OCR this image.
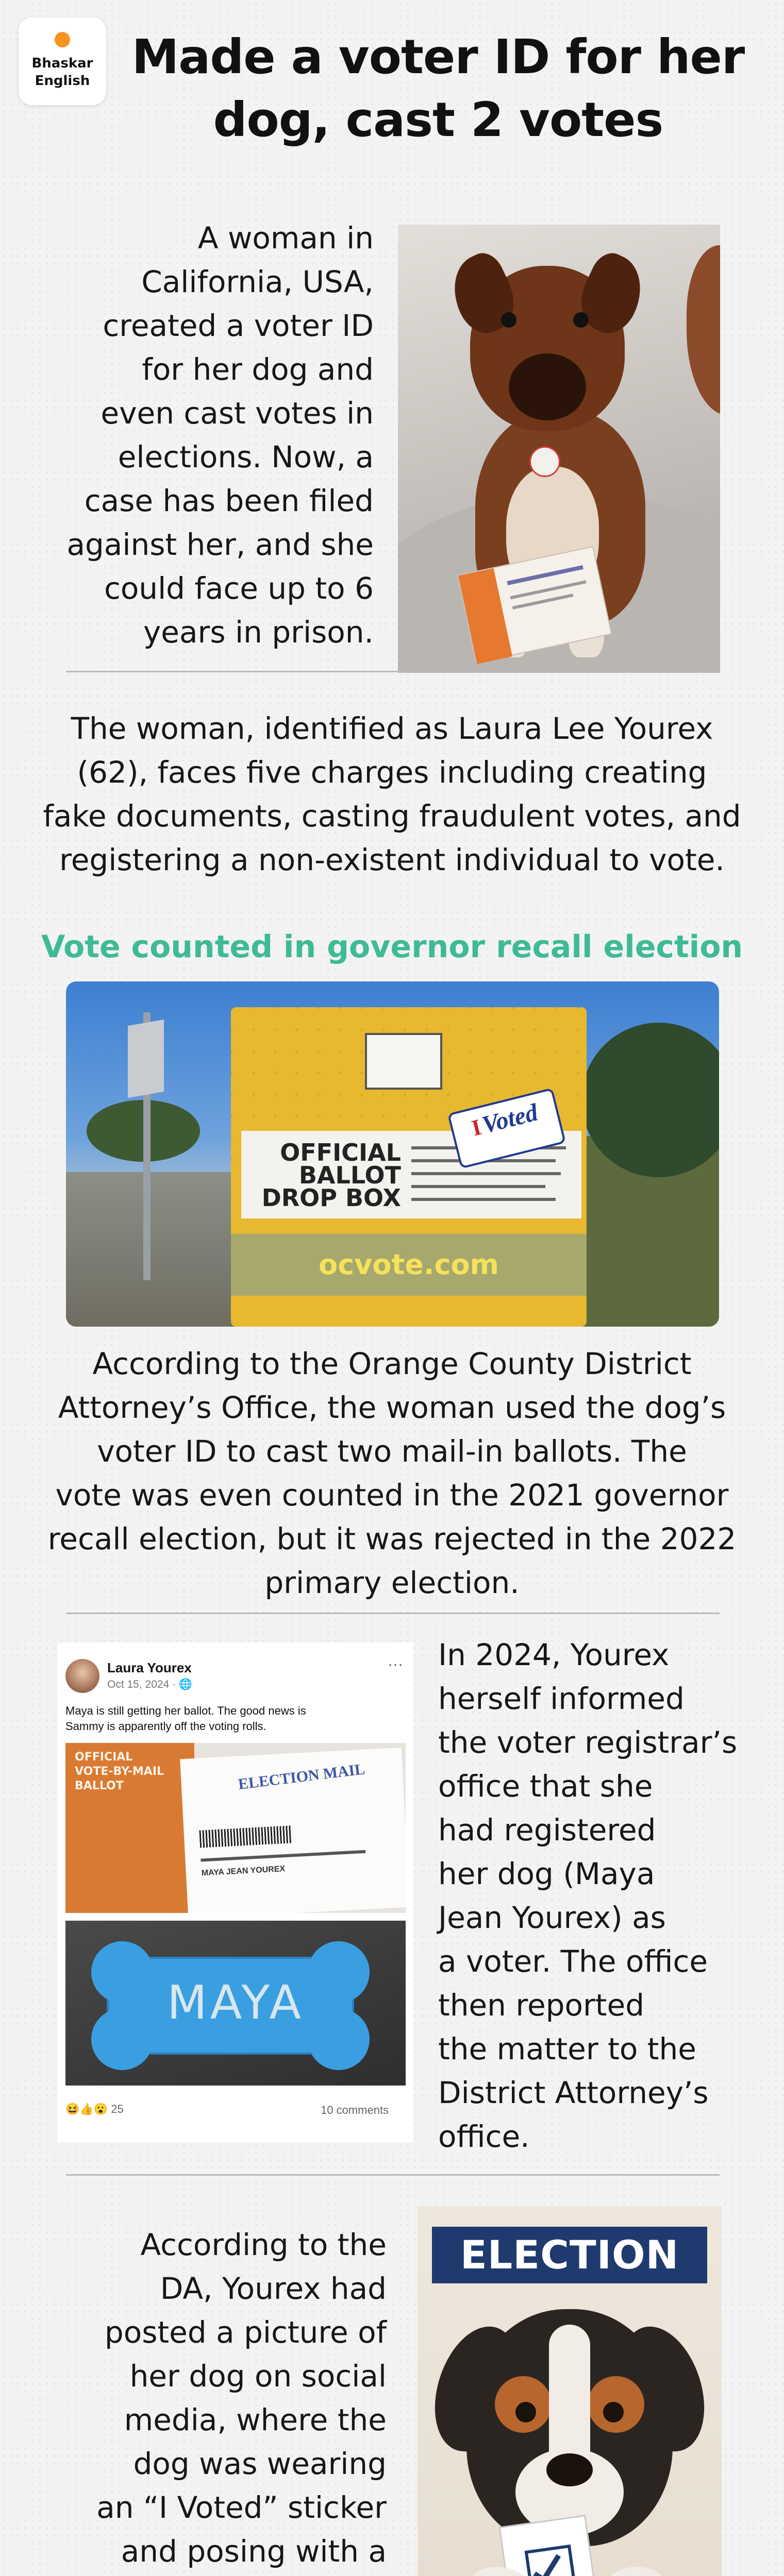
Bhaskar
English Made a voter ID for her
dog, cast 2 votes
A woman in
California, USA,
created a voter ID
for her dog and
even cast votes in
elections. Now, a
case has been filed
against her, and she
could face up to 6
years in prison.
The woman, identified as Laura Lee Yourex
(62), faces five charges including creating
fake documents, casting fraudulent votes, and
registering a non-existent individual to vote.
Vote counted in governor recall election
OFFICIAL
BALLOT
DROP BOX
I Voted
ocvote.com
According to the Orange County District
Attorney’s Office, the woman used the dog’s
voter ID to cast two mail-in ballots. The
vote was even counted in the 2021 governor
recall election, but it was rejected in the 2022
primary election.
Laura Yourex
Oct 15, 2024 · 🌐
···
Maya is still getting her ballot. The good news is
Sammy is apparently off the voting rolls.
OFFICIAL
VOTE-BY-MAIL
BALLOT	ELECTION MAIL
MAYA JEAN YOUREX
MAYA
😆👍😮 25	10 comments
In 2024, Yourex
herself informed
the voter registrar’s
office that she
had registered
her dog (Maya
Jean Yourex) as
a voter. The office
then reported
the matter to the
District Attorney’s
office.
According to the
DA, Yourex had
posted a picture of
her dog on social
media, where the
dog was wearing
an “I Voted” sticker
and posing with a
ELECTION
